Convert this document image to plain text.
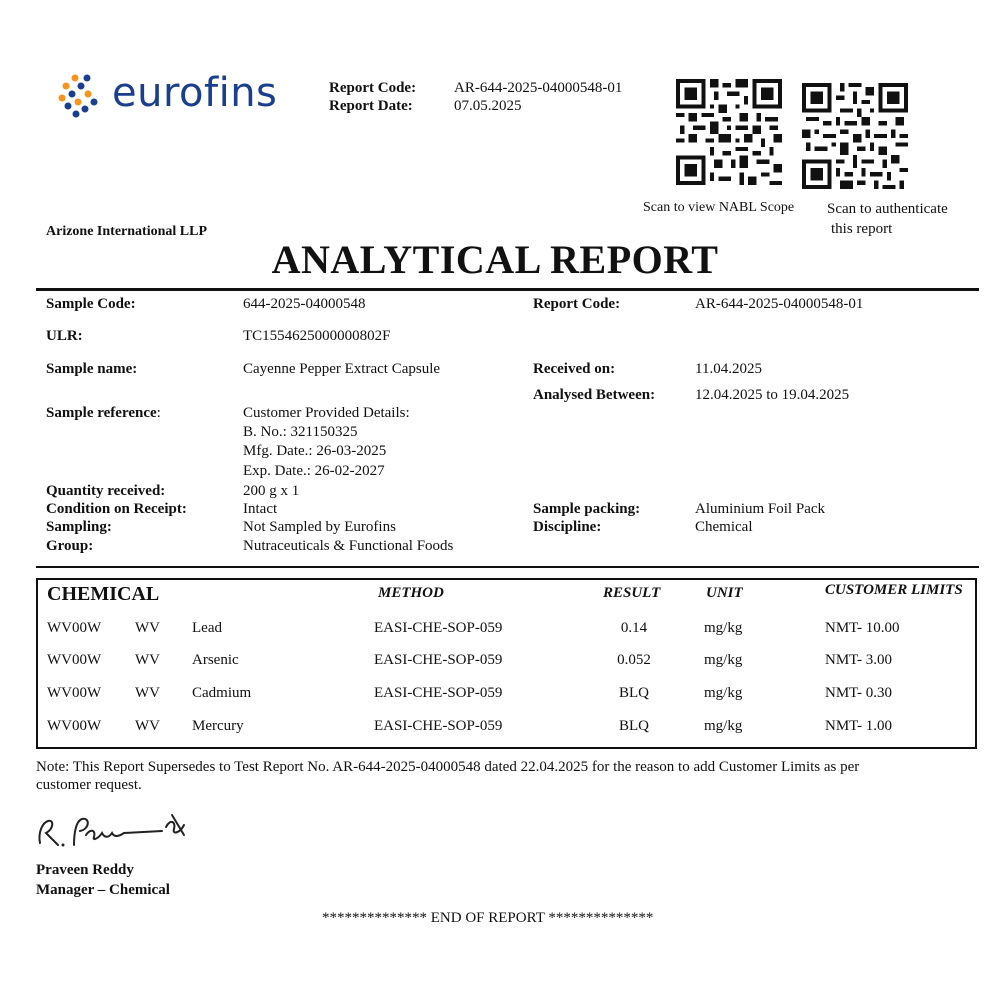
eurofins	Report Code:	AR-644-2025-04000548-01
Report Date:	07.05.2025
Scan to view NABL Scope Scan to authenticate
this report
Arizone International LLP
ANALYTICAL REPORT
Sample Code:	644-2025-04000548	Report Code:	AR-644-2025-04000548-01
ULR:	TC1554625000000802F
Sample name:	Cayenne Pepper Extract Capsule	Received on:	11.04.2025
Analysed Between:	12.04.2025 to 19.04.2025
Sample reference:	Customer Provided Details:
B. No.: 321150325
Mfg. Date.: 26-03-2025
Exp. Date.: 26-02-2027
Quantity received:	200 g x 1
Condition on Receipt:	Intact	Sample packing:	Aluminium Foil Pack
Sampling:	Not Sampled by Eurofins	Discipline:	Chemical
Group:	Nutraceuticals & Functional Foods
CHEMICAL	METHOD	RESULT	UNIT	CUSTOMER LIMITS
WV00W WV Lead	EASI-CHE-SOP-059	0.14	mg/kg	NMT- 10.00
WV00W WV Arsenic	EASI-CHE-SOP-059	0.052	mg/kg	NMT- 3.00
WV00W WV Cadmium	EASI-CHE-SOP-059	BLQ	mg/kg	NMT- 0.30
WV00W WV Mercury	EASI-CHE-SOP-059	BLQ	mg/kg	NMT- 1.00
Note: This Report Supersedes to Test Report No. AR-644-2025-04000548 dated 22.04.2025 for the reason to add Customer Limits as per
customer request.
Praveen Reddy
Manager – Chemical
************** END OF REPORT **************
